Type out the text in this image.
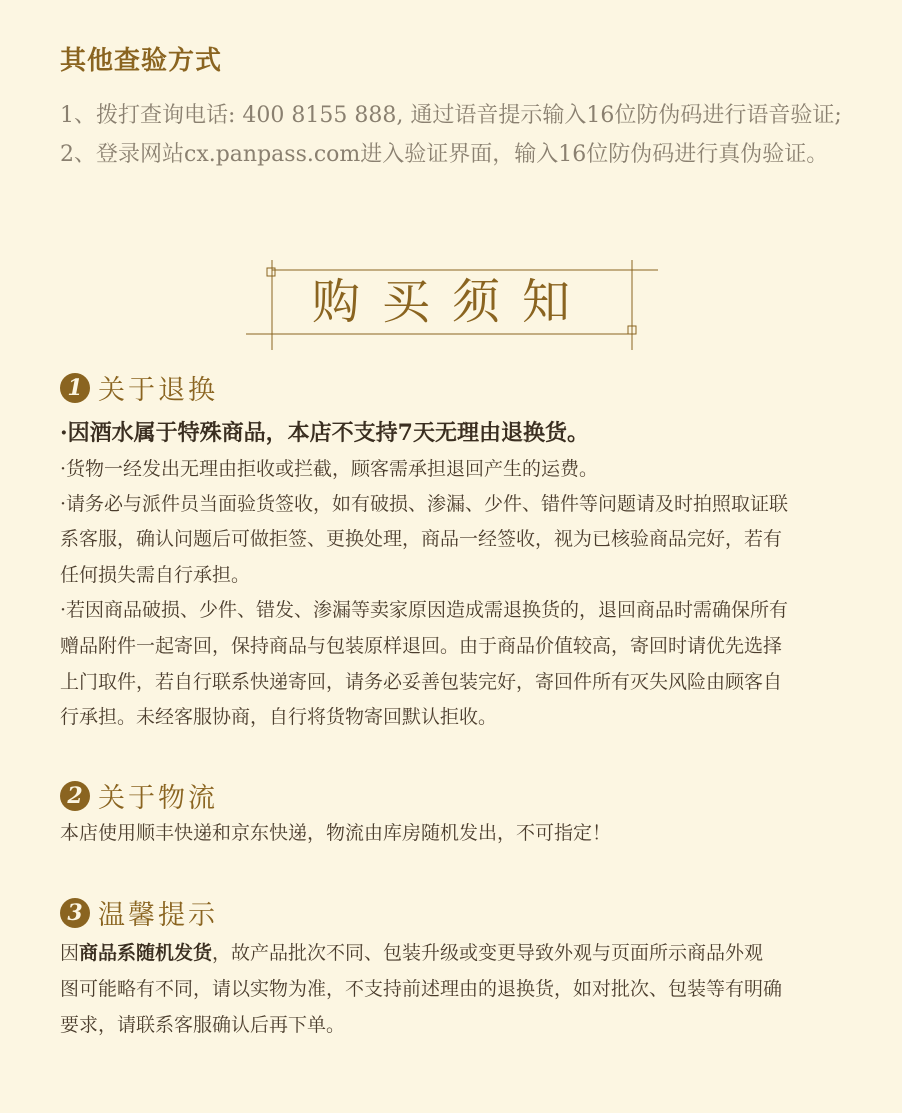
其他查验方式
1、拨打查询电话: 400 8155 888, 通过语音提示输入16位防伪码进行语音验证;
2、登录网站cx.panpass.com进入验证界面，输入16位防伪码进行真伪验证。
购买须知
1 关于退换
·因酒水属于特殊商品，本店不支持7天无理由退换货。
·货物一经发出无理由拒收或拦截，顾客需承担退回产生的运费。
·请务必与派件员当面验货签收，如有破损、渗漏、少件、错件等问题请及时拍照取证联
系客服，确认问题后可做拒签、更换处理，商品一经签收，视为已核验商品完好，若有
任何损失需自行承担。
·若因商品破损、少件、错发、渗漏等卖家原因造成需退换货的，退回商品时需确保所有
赠品附件一起寄回，保持商品与包装原样退回。由于商品价值较高，寄回时请优先选择
上门取件，若自行联系快递寄回，请务必妥善包装完好，寄回件所有灭失风险由顾客自
行承担。未经客服协商，自行将货物寄回默认拒收。
2 关于物流
本店使用顺丰快递和京东快递，物流由库房随机发出，不可指定！
3 温馨提示
因商品系随机发货，故产品批次不同、包装升级或变更导致外观与页面所示商品外观
图可能略有不同，请以实物为准，不支持前述理由的退换货，如对批次、包装等有明确
要求，请联系客服确认后再下单。
